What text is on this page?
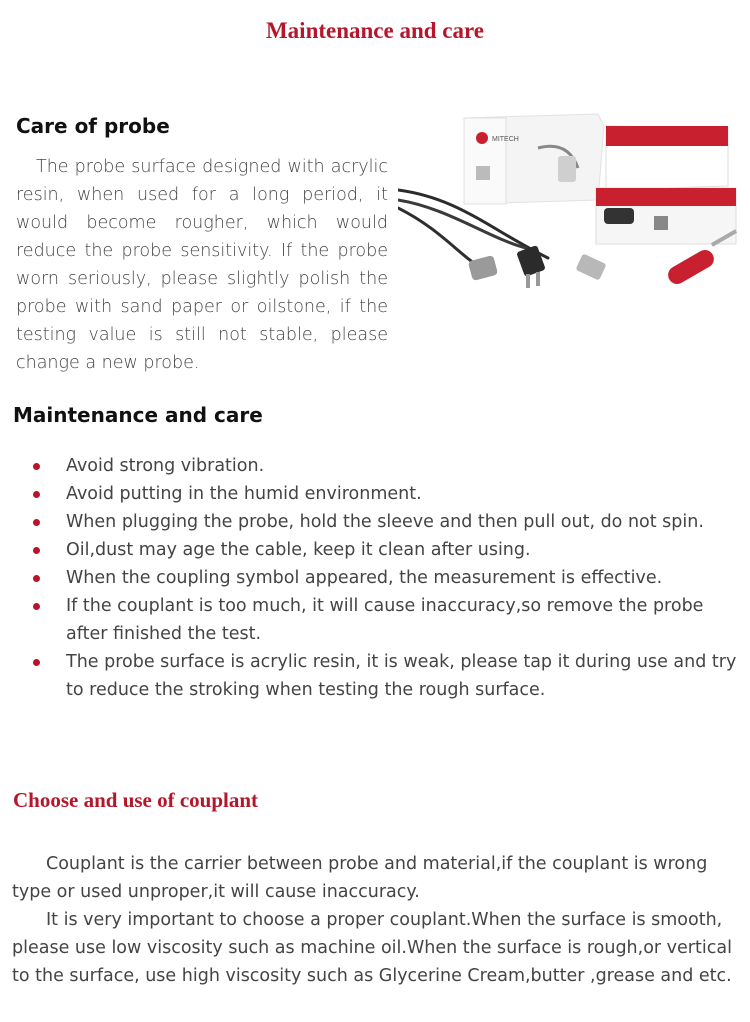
Maintenance and care
Care of probe
The probe surface designed with acrylic resin, when used for a long period, it would become rougher, which would reduce the probe sensitivity. If the probe worn seriously, please slightly polish the probe with sand paper or oilstone, if the testing value is still not stable, please change a new probe.
MITECH
Maintenance and care
Avoid strong vibration.
Avoid putting in the humid environment.
When plugging the probe, hold the sleeve and then pull out, do not spin.
Oil,dust may age the cable, keep it clean after using.
When the coupling symbol appeared, the measurement is effective.
If the couplant is too much, it will cause inaccuracy,so remove the probe after finished the test.
The probe surface is acrylic resin, it is weak, please tap it during use and try to reduce the stroking when testing the rough surface.
Choose and use of couplant

Couplant is the carrier between probe and material,if the couplant is wrong type or used unproper,it will cause inaccuracy.

It is very important to choose a proper couplant.When the surface is smooth, please use low viscosity such as machine oil.When the surface is rough,or vertical to the surface, use high viscosity such as Glycerine Cream,butter ,grease and etc.
